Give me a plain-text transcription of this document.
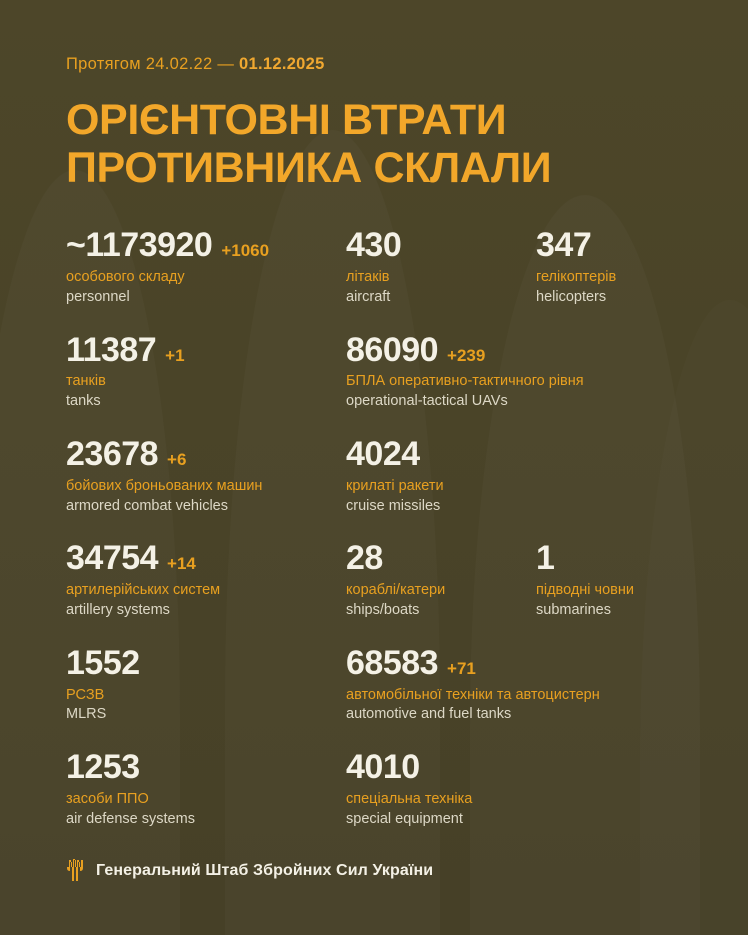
Протягом 24.02.22 — 01.12.2025
ОРІЄНТОВНІ ВТРАТИ
ПРОТИВНИКА СКЛАЛИ
~1173920 +1060
особового складу
personnel
430
літаків
aircraft
347
гелікоптерів
helicopters
11387 +1
танків
tanks
86090 +239
БПЛА оперативно-тактичного рівня
operational-tactical UAVs
23678 +6
бойових броньованих машин
armored combat vehicles
4024
крилаті ракети
cruise missiles
34754 +14
артилерійських систем
artillery systems
28
кораблі/катери
ships/boats
1
підводні човни
submarines
1552
РСЗВ
MLRS
68583 +71
автомобільної техніки та автоцистерн
automotive and fuel tanks
1253
засоби ППО
air defense systems
4010
спеціальна техніка
special equipment
Генеральний Штаб Збройних Сил України
